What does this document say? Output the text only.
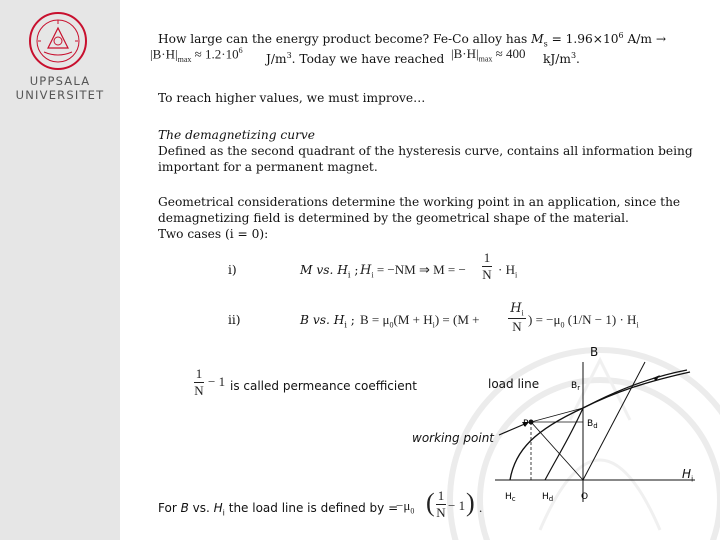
UPPSALA
UNIVERSITET
How large can the energy product become? Fe-Co alloy has $M_s = 1.96\times 10^6$ A/m →
$|B\cdot H|_{max} \approx 1.2\cdot 10^6$
$J/m^3$. Today we have reached $|B\cdot H|_{max} \approx 400$ $kJ/m^3$.
To reach higher values, we must improve…
The demagnetizing curve
Defined as the second quadrant of the hysteresis curve, contains all information being
important for a permanent magnet.
Geometrical considerations determine the working point in an application, since the
demagnetizing field is determined by the geometrical shape of the material.
Two cases (i = 0):
i)	M vs. $H_i$ ; $H_i = -NM$ ⇒ M = − $\frac{1}{N} \cdot H_i$
ii)	B vs. $H_i$ ; $B = \mu_0(M + H_i) = (M$ +
$H_i$
N ) = $-\mu_0$ $(1/N - 1) \cdot H_i$
$\frac{1}{N} - 1$ is called permeance coefficient
B
load line
working point
$H_i$
$B_r$
$B_d$
P
$H_c$	$H_d$	O
For B vs. $H_i$ the load line is defined by =
$-\mu_0$ ( $\frac{1}{N} - 1$ ) .
